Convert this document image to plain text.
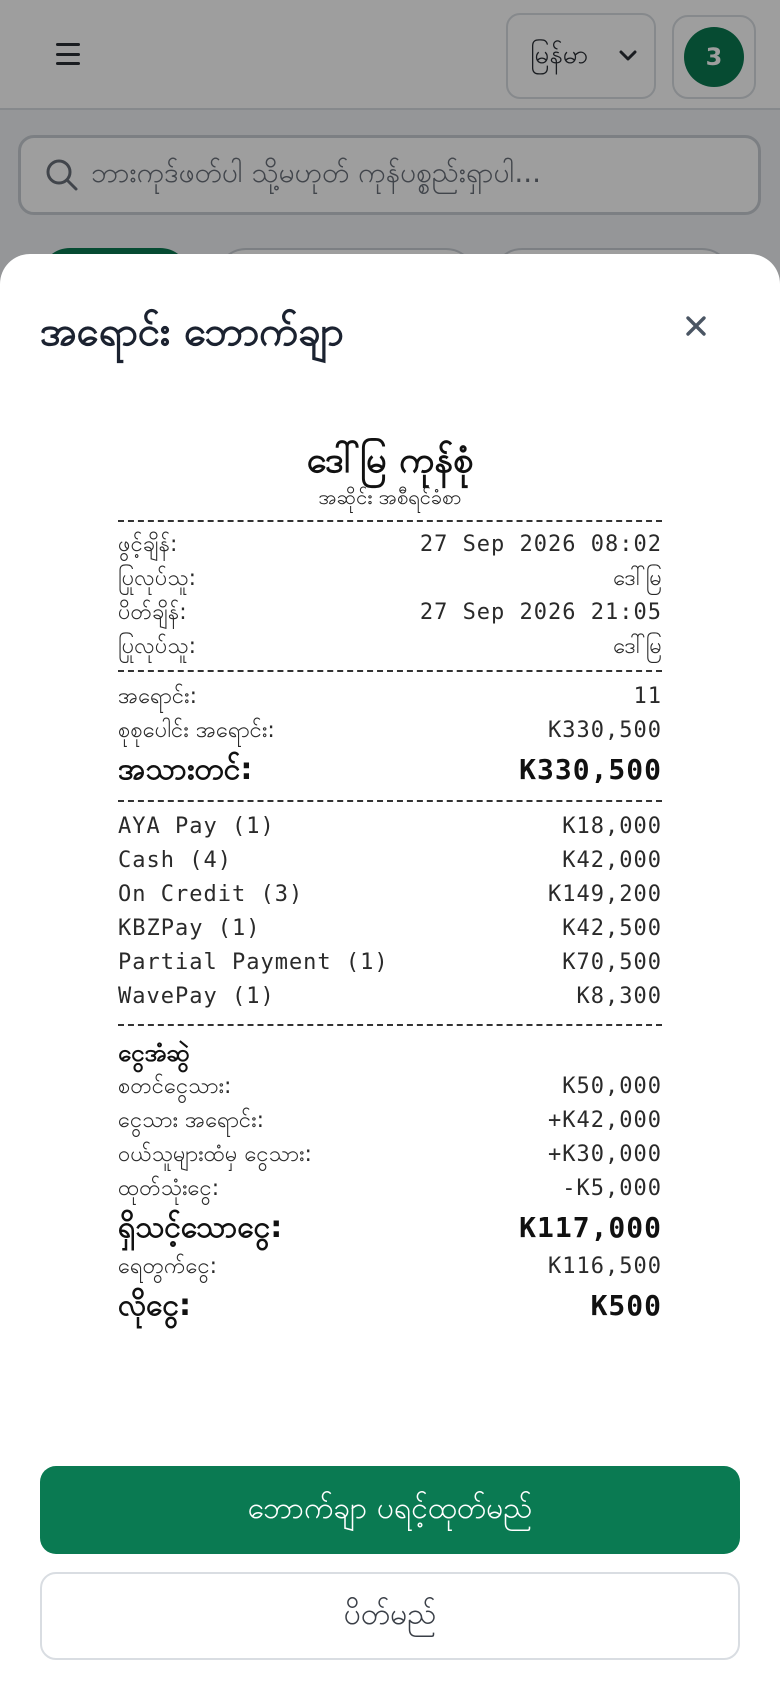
မြန်မာ	3
ဘားကုဒ်ဖတ်ပါ သို့မဟုတ် ကုန်ပစ္စည်းရှာပါ...
အရောင်း ဘောက်ချာ
ဒေါ်မြ ကုန်စုံ
အဆိုင်း အစီရင်ခံစာ
ဖွင့်ချိန်:	27 Sep 2026 08:02
ပြုလုပ်သူ:	ဒေါ်မြ
ပိတ်ချိန်:	27 Sep 2026 21:05
ပြုလုပ်သူ:	ဒေါ်မြ
အရောင်း:	11
စုစုပေါင်း အရောင်း:	K330,500
အသားတင်:	K330,500
AYA Pay (1)	K18,000
Cash (4)	K42,000
On Credit (3)	K149,200
KBZPay (1)	K42,500
Partial Payment (1)	K70,500
WavePay (1)	K8,300
ငွေအံဆွဲ
စတင်ငွေသား:	K50,000
ငွေသား အရောင်း:	+K42,000
ဝယ်သူများထံမှ ငွေသား:	+K30,000
ထုတ်သုံးငွေ:	-K5,000
ရှိသင့်သောငွေ:	K117,000
ရေတွက်ငွေ:	K116,500
လိုငွေ:	K500
ဘောက်ချာ ပရင့်ထုတ်မည်
ပိတ်မည်
